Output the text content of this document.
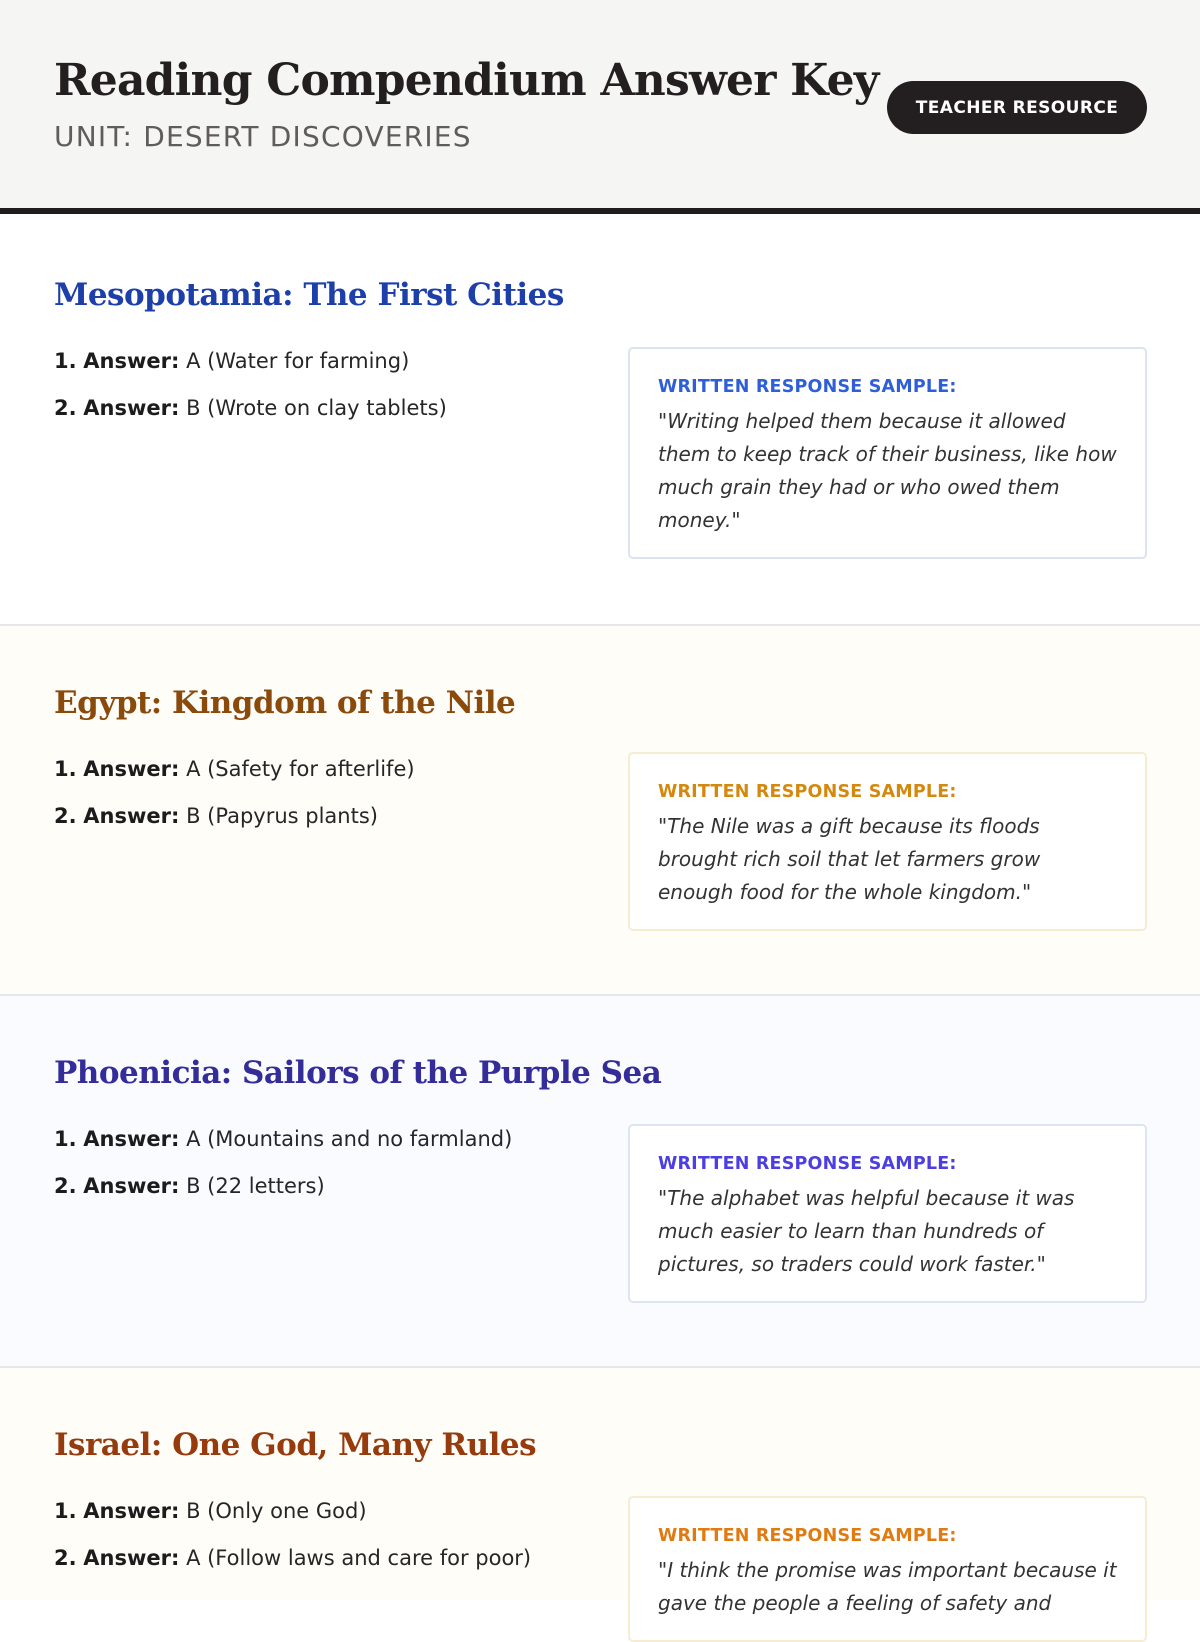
Reading Compendium Answer Key
UNIT: DESERT DISCOVERIES
TEACHER RESOURCE
Mesopotamia: The First Cities
1. Answer: A (Water for farming)
2. Answer: B (Wrote on clay tablets)
WRITTEN RESPONSE SAMPLE:
"Writing helped them because it allowed them to keep track of their business, like how much grain they had or who owed them money."
Egypt: Kingdom of the Nile
1. Answer: A (Safety for afterlife)
2. Answer: B (Papyrus plants)
WRITTEN RESPONSE SAMPLE:
"The Nile was a gift because its floods brought rich soil that let farmers grow enough food for the whole kingdom."
Phoenicia: Sailors of the Purple Sea
1. Answer: A (Mountains and no farmland)
2. Answer: B (22 letters)
WRITTEN RESPONSE SAMPLE:
"The alphabet was helpful because it was much easier to learn than hundreds of pictures, so traders could work faster."
Israel: One God, Many Rules
1. Answer: B (Only one God)
2. Answer: A (Follow laws and care for poor)
WRITTEN RESPONSE SAMPLE:
"I think the promise was important because it gave the people a feeling of safety and
